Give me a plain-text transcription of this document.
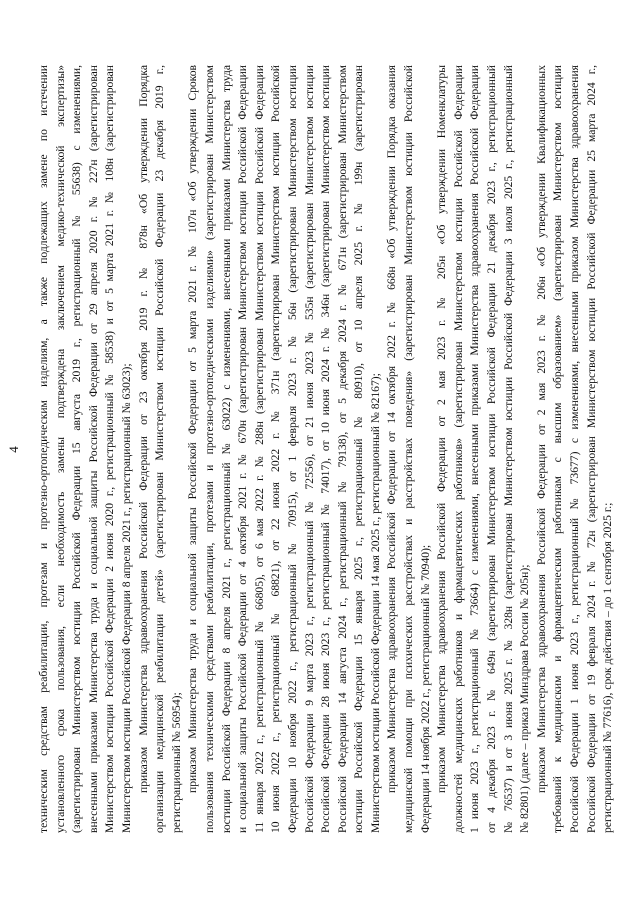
4 техническим средствам реабилитации, протезам и протезно-ортопедическим изделиям, а также подлежащих замене по истечении установленного срока пользования, если необходимость замены подтверждена заключением медико-технической экспертизы» (зарегистрирован Министерством юстиции Российской Федерации 15 августа 2019 г., регистрационный № 55638) с изменениями, внесенными приказами Министерства труда и социальной защиты Российской Федерации от 29 апреля 2020 г. № 227н (зарегистрирован Министерством юстиции Российской Федерации 2 июня 2020 г., регистрационный № 58538) и от 5 марта 2021 г. № 108н (зарегистрирован Министерством юстиции Российской Федерации 8 апреля 2021 г., регистрационный № 63023); приказом Министерства здравоохранения Российской Федерации от 23 октября 2019 г. № 878н «Об утверждении Порядка организации медицинской реабилитации детей» (зарегистрирован Министерством юстиции Российской Федерации 23 декабря 2019 г., регистрационный № 56954); приказом Министерства труда и социальной защиты Российской Федерации от 5 марта 2021 г. № 107н «Об утверждении Сроков пользования техническими средствами реабилитации, протезами и протезно-ортопедическими изделиями» (зарегистрирован Министерством юстиции Российской Федерации 8 апреля 2021 г., регистрационный № 63022) с изменениями, внесенными приказами Министерства труда и социальной защиты Российской Федерации от 4 октября 2021 г. № 670н (зарегистрирован Министерством юстиции Российской Федерации 11 января 2022 г., регистрационный № 66805), от 6 мая 2022 г. № 288н (зарегистрирован Министерством юстиции Российской Федерации 10 июня 2022 г., регистрационный № 68821), от 22 июня 2022 г. № 371н (зарегистрирован Министерством юстиции Российской Федерации 10 ноября 2022 г., регистрационный № 70915), от 1 февраля 2023 г. № 56н (зарегистрирован Министерством юстиции Российской Федерации 9 марта 2023 г., регистрационный № 72556), от 21 июня 2023 № 535н (зарегистрирован Министерством юстиции Российской Федерации 28 июня 2023 г., регистрационный № 74017), от 10 июня 2024 г. № 346н (зарегистрирован Министерством юстиции Российской Федерации 14 августа 2024 г., регистрационный № 79138), от 5 декабря 2024 г. № 671н (зарегистрирован Министерством юстиции Российской Федерации 15 января 2025 г., регистрационный № 80910), от 10 апреля 2025 г. № 199н (зарегистрирован Министерством юстиции Российской Федерации 14 мая 2025 г., регистрационный № 82167); приказом Министерства здравоохранения Российской Федерации от 14 октября 2022 г. № 668н «Об утверждении Порядка оказания медицинской помощи при психических расстройствах и расстройствах поведения» (зарегистрирован Министерством юстиции Российской Федерации 14 ноября 2022 г., регистрационный № 70940); приказом Министерства здравоохранения Российской Федерации от 2 мая 2023 г. № 205н «Об утверждении Номенклатуры должностей медицинских работников и фармацевтических работников» (зарегистрирован Министерством юстиции Российской Федерации 1 июня 2023 г., регистрационный № 73664) с изменениями, внесенными приказами Министерства здравоохранения Российской Федерации от 4 декабря 2023 г. № 649н (зарегистрирован Министерством юстиции Российской Федерации 21 декабря 2023 г., регистрационный № 76537) и от 3 июня 2025 г. № 328н (зарегистрирован Министерством юстиции Российской Федерации 3 июля 2025 г., регистрационный № 82801) (далее – приказ Минздрава России № 205н); приказом Министерства здравоохранения Российской Федерации от 2 мая 2023 г. № 206н «Об утверждении Квалификационных требований к медицинским и фармацевтическим работникам с высшим образованием» (зарегистрирован Министерством юстиции Российской Федерации 1 июня 2023 г., регистрационный № 73677) с изменениями, внесенными приказом Министерства здравоохранения Российской Федерации от 19 февраля 2024 г. № 72н (зарегистрирован Министерством юстиции Российской Федерации 25 марта 2024 г., регистрационный № 77616), срок действия – до 1 сентября 2025 г.;
